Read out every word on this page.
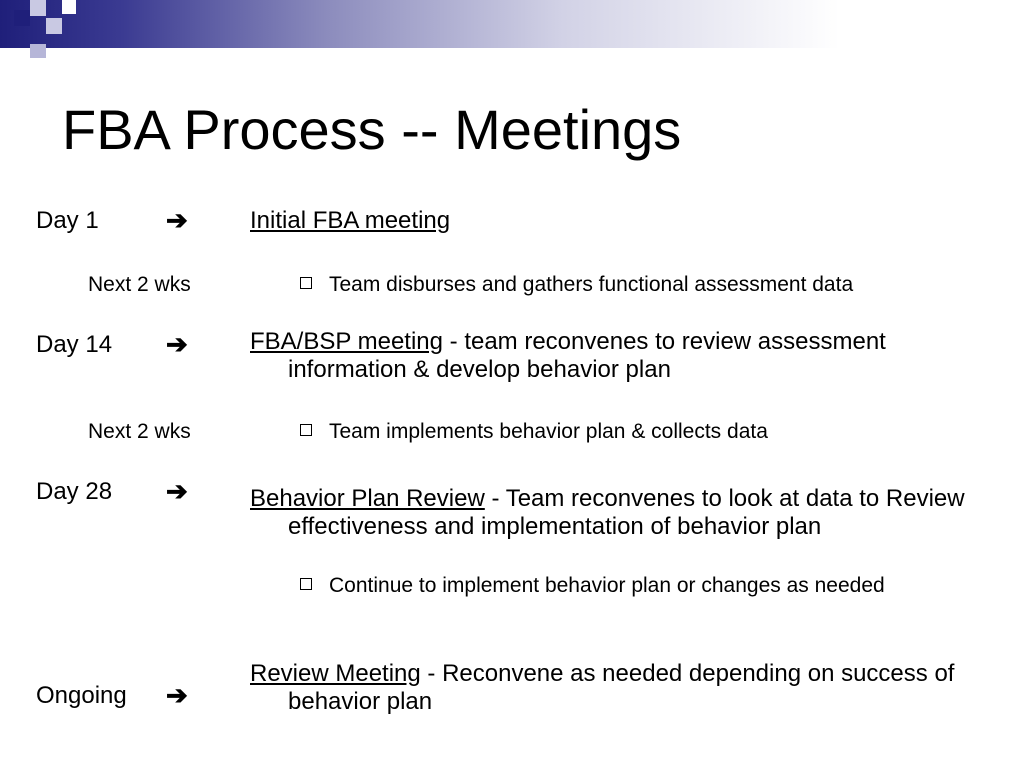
FBA Process -- Meetings
Day 1	➔
Next 2 wks
Day 14 ➔
Next 2 wks
Day 28 ➔
Ongoing ➔
Initial FBA meeting
Team disburses and gathers functional assessment data
FBA/BSP meeting - team reconvenes to review assessment information & develop behavior plan
Team implements behavior plan & collects data
Behavior Plan Review - Team reconvenes to look at data to Review effectiveness and implementation of behavior plan
Continue to implement behavior plan or changes as needed
Review Meeting - Reconvene as needed depending on success of behavior plan
